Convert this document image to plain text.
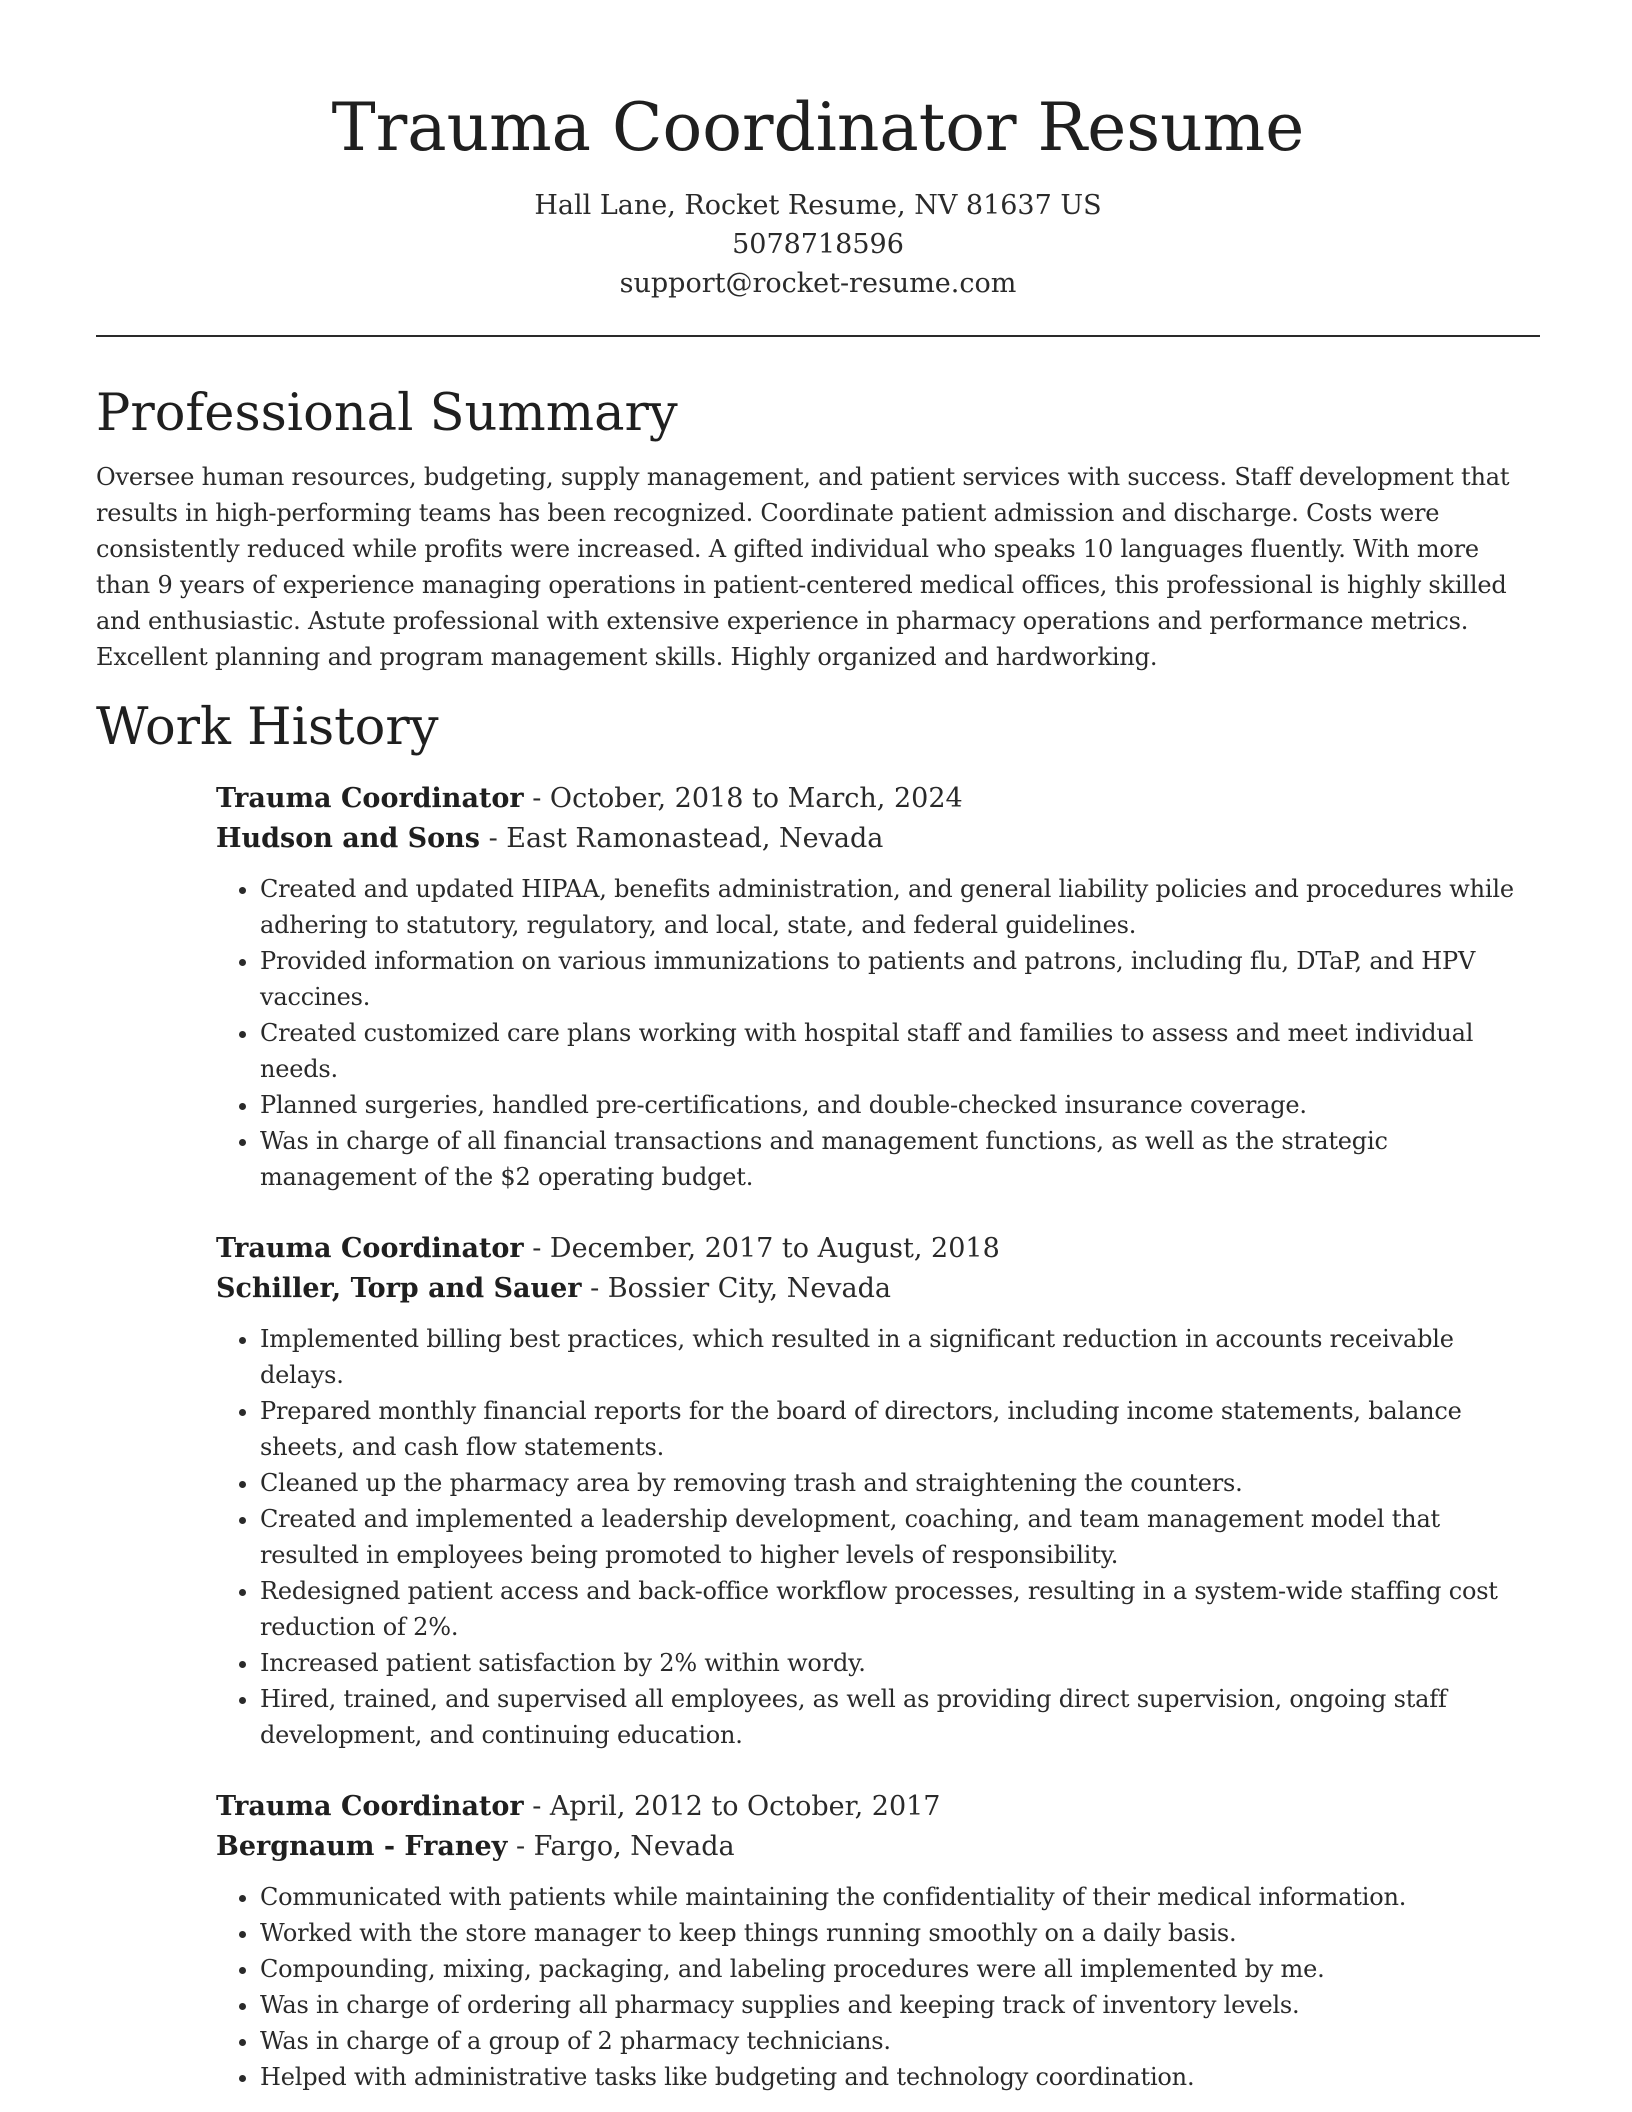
Trauma Coordinator Resume
Hall Lane, Rocket Resume, NV 81637 US
5078718596
support@rocket-resume.com
Professional Summary

Oversee human resources, budgeting, supply management, and patient services with success. Staff development that results in high-performing teams has been recognized. Coordinate patient admission and discharge. Costs were consistently reduced while profits were increased. A gifted individual who speaks 10 languages fluently. With more than 9 years of experience managing operations in patient-centered medical offices, this professional is highly skilled and enthusiastic. Astute professional with extensive experience in pharmacy operations and performance metrics. Excellent planning and program management skills. Highly organized and hardworking.

Work History
Trauma Coordinator - October, 2018 to March, 2024
Hudson and Sons - East Ramonastead, Nevada
• Created and updated HIPAA, benefits administration, and general liability policies and procedures while adhering to statutory, regulatory, and local, state, and federal guidelines.
• Provided information on various immunizations to patients and patrons, including flu, DTaP, and HPV vaccines.
• Created customized care plans working with hospital staff and families to assess and meet individual needs.
• Planned surgeries, handled pre-certifications, and double-checked insurance coverage.
• Was in charge of all financial transactions and management functions, as well as the strategic management of the $2 operating budget.
Trauma Coordinator - December, 2017 to August, 2018
Schiller, Torp and Sauer - Bossier City, Nevada
• Implemented billing best practices, which resulted in a significant reduction in accounts receivable delays.
• Prepared monthly financial reports for the board of directors, including income statements, balance sheets, and cash flow statements.
• Cleaned up the pharmacy area by removing trash and straightening the counters.
• Created and implemented a leadership development, coaching, and team management model that resulted in employees being promoted to higher levels of responsibility.
• Redesigned patient access and back-office workflow processes, resulting in a system-wide staffing cost reduction of 2%.
• Increased patient satisfaction by 2% within wordy.
• Hired, trained, and supervised all employees, as well as providing direct supervision, ongoing staff development, and continuing education.
Trauma Coordinator - April, 2012 to October, 2017
Bergnaum - Franey - Fargo, Nevada
• Communicated with patients while maintaining the confidentiality of their medical information.
• Worked with the store manager to keep things running smoothly on a daily basis.
• Compounding, mixing, packaging, and labeling procedures were all implemented by me.
• Was in charge of ordering all pharmacy supplies and keeping track of inventory levels.
• Was in charge of a group of 2 pharmacy technicians.
• Helped with administrative tasks like budgeting and technology coordination.
